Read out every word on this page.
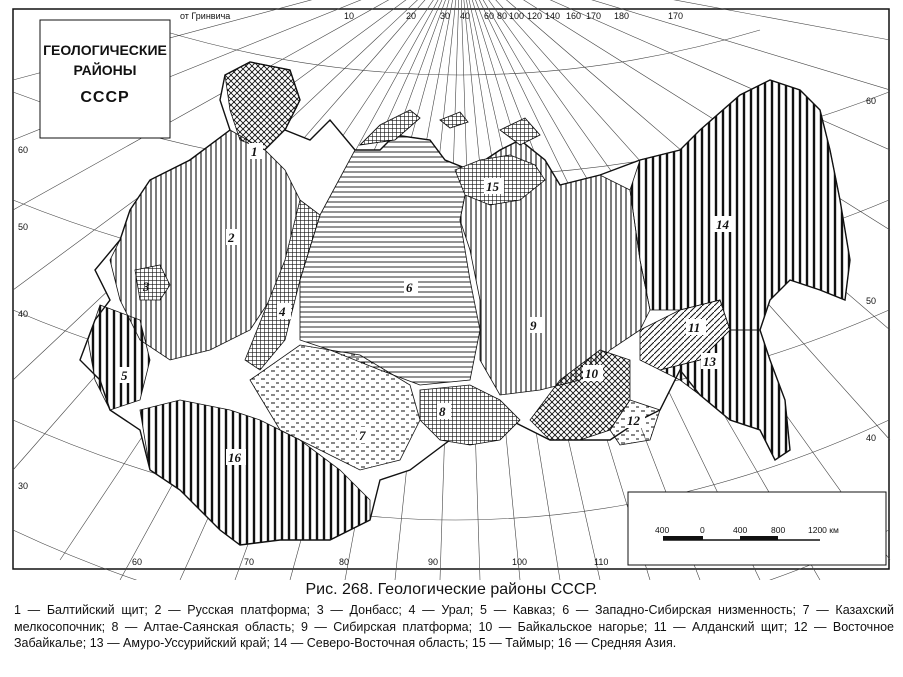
400	0	400	800	1200 км
от Гринвича	10	20	30 40 60 80 100 120 140 160 170 180	170
60	70	80	90	100	110
60
50
40
30
60
50
40
1
2
3
4
5
6
7
8
9
10
11
12
13
14
15
16
ГЕОЛОГИЧЕСКИЕ
РАЙОНЫ
СССР
Рис. 268. Геологические районы СССР.
1 — Балтийский щит; 2 — Русская платформа; 3 — Донбасс; 4 — Урал; 5 — Кавказ; 6 — Западно-Сибирская низменность; 7 — Казахский мелкосопочник; 8 — Алтае-Саянская область; 9 — Сибирская платформа; 10 — Байкальское нагорье; 11 — Алданский щит; 12 — Восточное Забайкалье; 13 — Амуро-Уссурийский край; 14 — Северо-Восточная область; 15 — Таймыр; 16 — Средняя Азия.
